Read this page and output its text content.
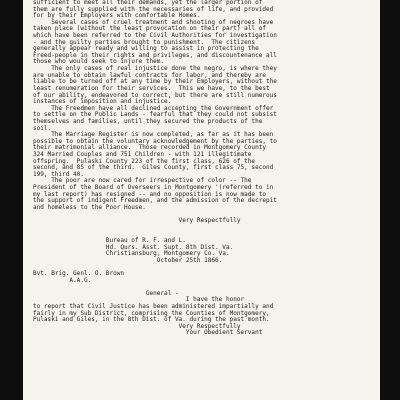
sufficient to meet all their demands, yet the larger portion of
them are fully supplied with the necessaries of life, and provided
for by their Employers with comfortable Homes.
Several cases of cruel treatment and shooting of negroes have
taken place (without the least provocation on their part) all of
which have been referred to the Civil Authorities for investigation
- and the guilty parties brought to punishment.  The citizens
generally appear ready and willing to assist in protecting the
Freed-people in their rights and privileges, and discountenance all
those who would seek to injure them.
The only cases of real injustice done the negro, is where they
are unable to obtain lawful contracts for labor, and thereby are
liable to be turned off at any time by their Employers, without the
least renumeration for their services.  This we have, to the best
of our ability, endeavored to correct, but there are still numerous
instances of imposition and injustice.
The Freedmen have all declined accepting the Government offer
to settle on the Public Lands - fearful that they could not subsist
themselves and families, until they secured the products of the
soil.
The Marriage Register is now completed, as far as it has been
possible to obtain the voluntary acknowledgement by the parties, to
their matrimonial alliance.  Those recorded in Montgomery County
324 Married Couples and 751 Children - with 121 illegitimate
offspring.  Pulaski County 223 of the first class, 626 of the
second, and 85 of the third.  Giles County, first class 75, second
199, third 40.
The poor are now cared for irrespective of color -- The
President of the Board of Overseers in Montgomery '(referred to in
my last report) has resigned -- and no opposition is now made to
the support of indigent Freedmen, and the admission of the decrepit
and homeless to the Poor House.
Very Respectfully
Bureau of R. F. and L.
Hd. Qurs. Asst. Supt. 8th Dist. Va.
Christiansburg, Montgomery Co. Va.
October 25th 1866.
Bvt. Brig. Genl. O. Brown
A.A.G.
General -
I have the honor
to report that Civil Justice has been administered impartially and
fairly in my Sub District, comprising the Counties of Montgomery,
Pulaski and Giles, in the 8th Dist. of Va. during the past month.
Very Respectfully
Your Obedient Servant
